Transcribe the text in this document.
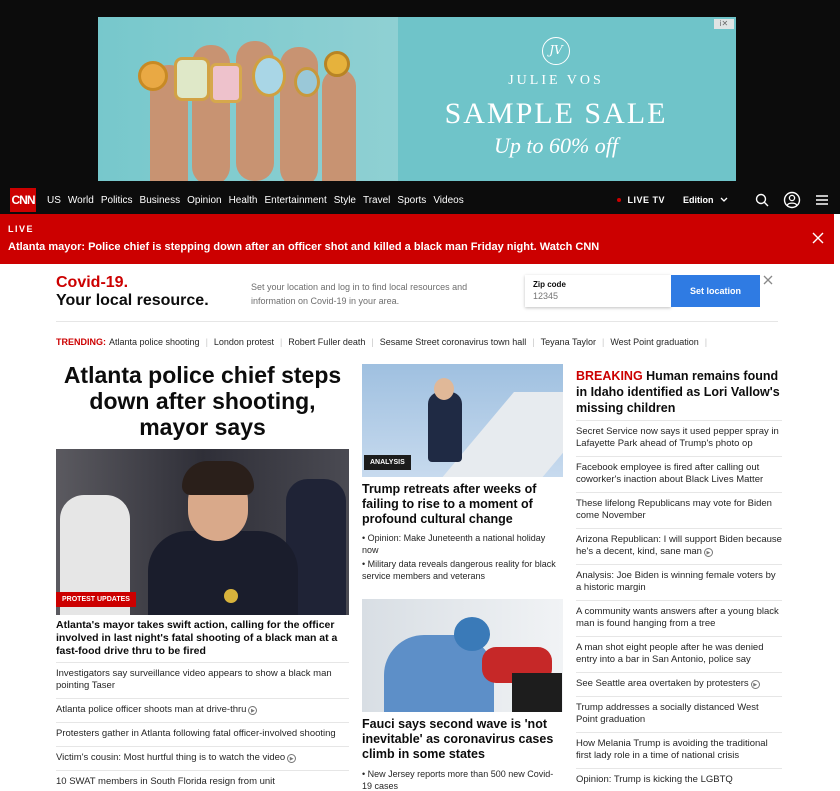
i✕
JV
JULIE VOS
SAMPLE SALE
Up to 60% off
CNN US World Politics Business Opinion Health Entertainment Style Travel Sports Videos	LIVE TV Edition
LIVE
Atlanta mayor: Police chief is stepping down after an officer shot and killed a black man Friday night. Watch CNN
Covid-19.
Your local resource.
Set your location and log in to find local resources and information on Covid-19 in your area.
Zip code
12345
Set location
TRENDING: Atlanta police shooting | London protest | Robert Fuller death | Sesame Street coronavirus town hall | Teyana Taylor | West Point graduation |
Atlanta police chief steps down after shooting, mayor says
PROTEST UPDATES
Atlanta's mayor takes swift action, calling for the officer involved in last night's fatal shooting of a black man at a fast-food drive thru to be fired
Investigators say surveillance video appears to show a black man pointing Taser
Atlanta police officer shoots man at drive-thru ▶
Protesters gather in Atlanta following fatal officer-involved shooting
Victim's cousin: Most hurtful thing is to watch the video ▶
10 SWAT members in South Florida resign from unit
ANALYSIS
Trump retreats after weeks of failing to rise to a moment of profound cultural change
• Opinion: Make Juneteenth a national holiday now
• Military data reveals dangerous reality for black service members and veterans
Fauci says second wave is 'not inevitable' as coronavirus cases climb in some states
• New Jersey reports more than 500 new Covid-19 cases
BREAKING Human remains found in Idaho identified as Lori Vallow's missing children
Secret Service now says it used pepper spray in Lafayette Park ahead of Trump's photo op
Facebook employee is fired after calling out coworker's inaction about Black Lives Matter
These lifelong Republicans may vote for Biden come November
Arizona Republican: I will support Biden because he's a decent, kind, sane man ▶
Analysis: Joe Biden is winning female voters by a historic margin
A community wants answers after a young black man is found hanging from a tree
A man shot eight people after he was denied entry into a bar in San Antonio, police say
See Seattle area overtaken by protesters ▶
Trump addresses a socially distanced West Point graduation
How Melania Trump is avoiding the traditional first lady role in a time of national crisis
Opinion: Trump is kicking the LGBTQ
